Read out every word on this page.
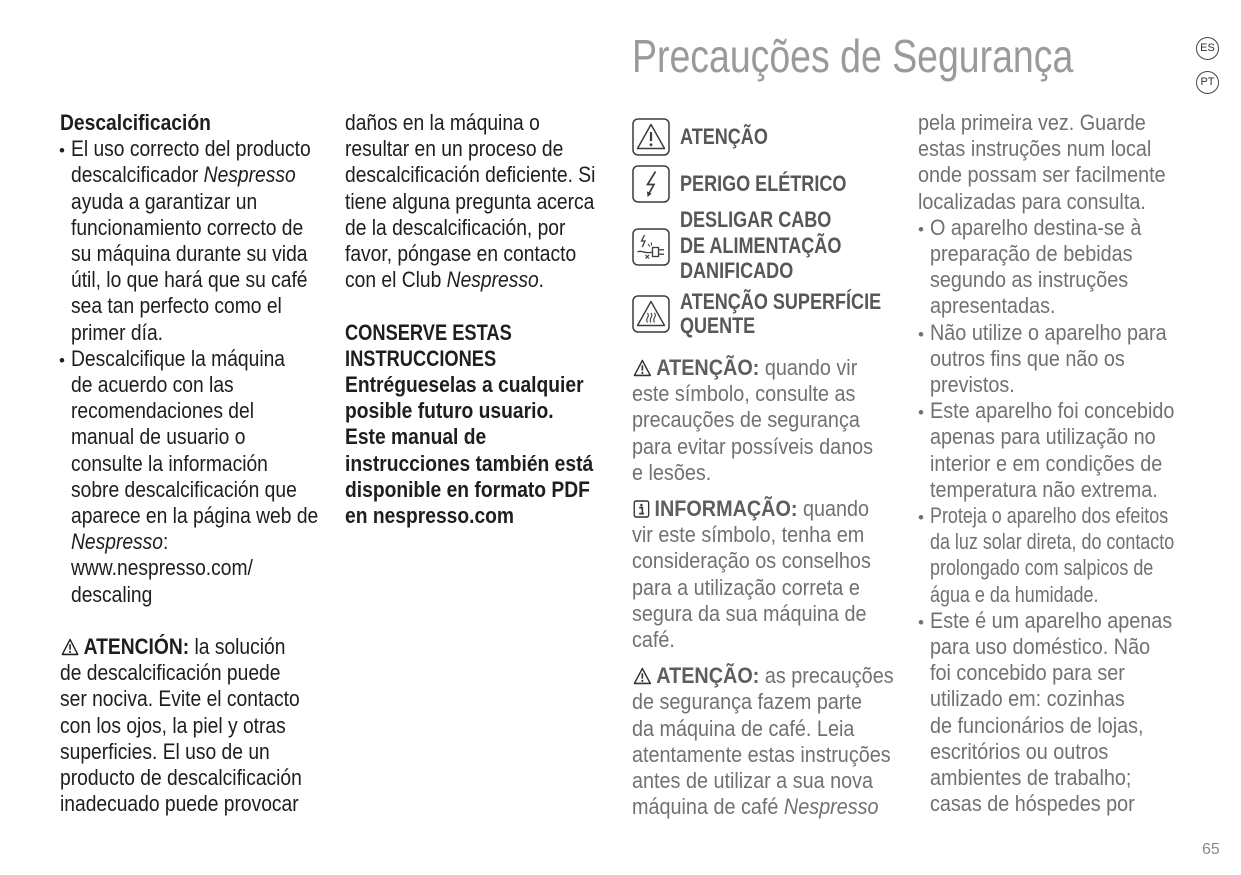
Precauções de Segurança	ES
PT
Descalcificación
• El uso correcto del producto
descalcificador Nespresso
ayuda a garantizar un
funcionamiento correcto de
su máquina durante su vida
útil, lo que hará que su café
sea tan perfecto como el
primer día.
• Descalcifique la máquina
de acuerdo con las
recomendaciones del
manual de usuario o
consulte la información
sobre descalcificación que
aparece en la página web de
Nespresso:
www.nespresso.com/
descaling
ATENCIÓN: la solución
de descalcificación puede
ser nociva. Evite el contacto
con los ojos, la piel y otras
superficies. El uso de un
producto de descalcificación
inadecuado puede provocar
daños en la máquina o
resultar en un proceso de
descalcificación deficiente. Si
tiene alguna pregunta acerca
de la descalcificación, por
favor, póngase en contacto
con el Club Nespresso.
CONSERVE ESTAS
INSTRUCCIONES
Entrégueselas a cualquier
posible futuro usuario.
Este manual de
instrucciones también está
disponible en formato PDF
en nespresso.com
ATENÇÃO
PERIGO ELÉTRICO
DESLIGAR CABO
DE ALIMENTAÇÃO
DANIFICADO
ATENÇÃO SUPERFÍCIE
QUENTE
ATENÇÃO: quando vir
este símbolo, consulte as
precauções de segurança
para evitar possíveis danos
e lesões.
INFORMAÇÃO: quando
vir este símbolo, tenha em
consideração os conselhos
para a utilização correta e
segura da sua máquina de
café.
ATENÇÃO: as precauções
de segurança fazem parte
da máquina de café. Leia
atentamente estas instruções
antes de utilizar a sua nova
máquina de café Nespresso
pela primeira vez. Guarde
estas instruções num local
onde possam ser facilmente
localizadas para consulta.
• O aparelho destina-se à
preparação de bebidas
segundo as instruções
apresentadas.
• Não utilize o aparelho para
outros fins que não os
previstos.
• Este aparelho foi concebido
apenas para utilização no
interior e em condições de
temperatura não extrema.
• Proteja o aparelho dos efeitos
da luz solar direta, do contacto
prolongado com salpicos de
água e da humidade.
• Este é um aparelho apenas
para uso doméstico. Não
foi concebido para ser
utilizado em: cozinhas
de funcionários de lojas,
escritórios ou outros
ambientes de trabalho;
casas de hóspedes por
65
